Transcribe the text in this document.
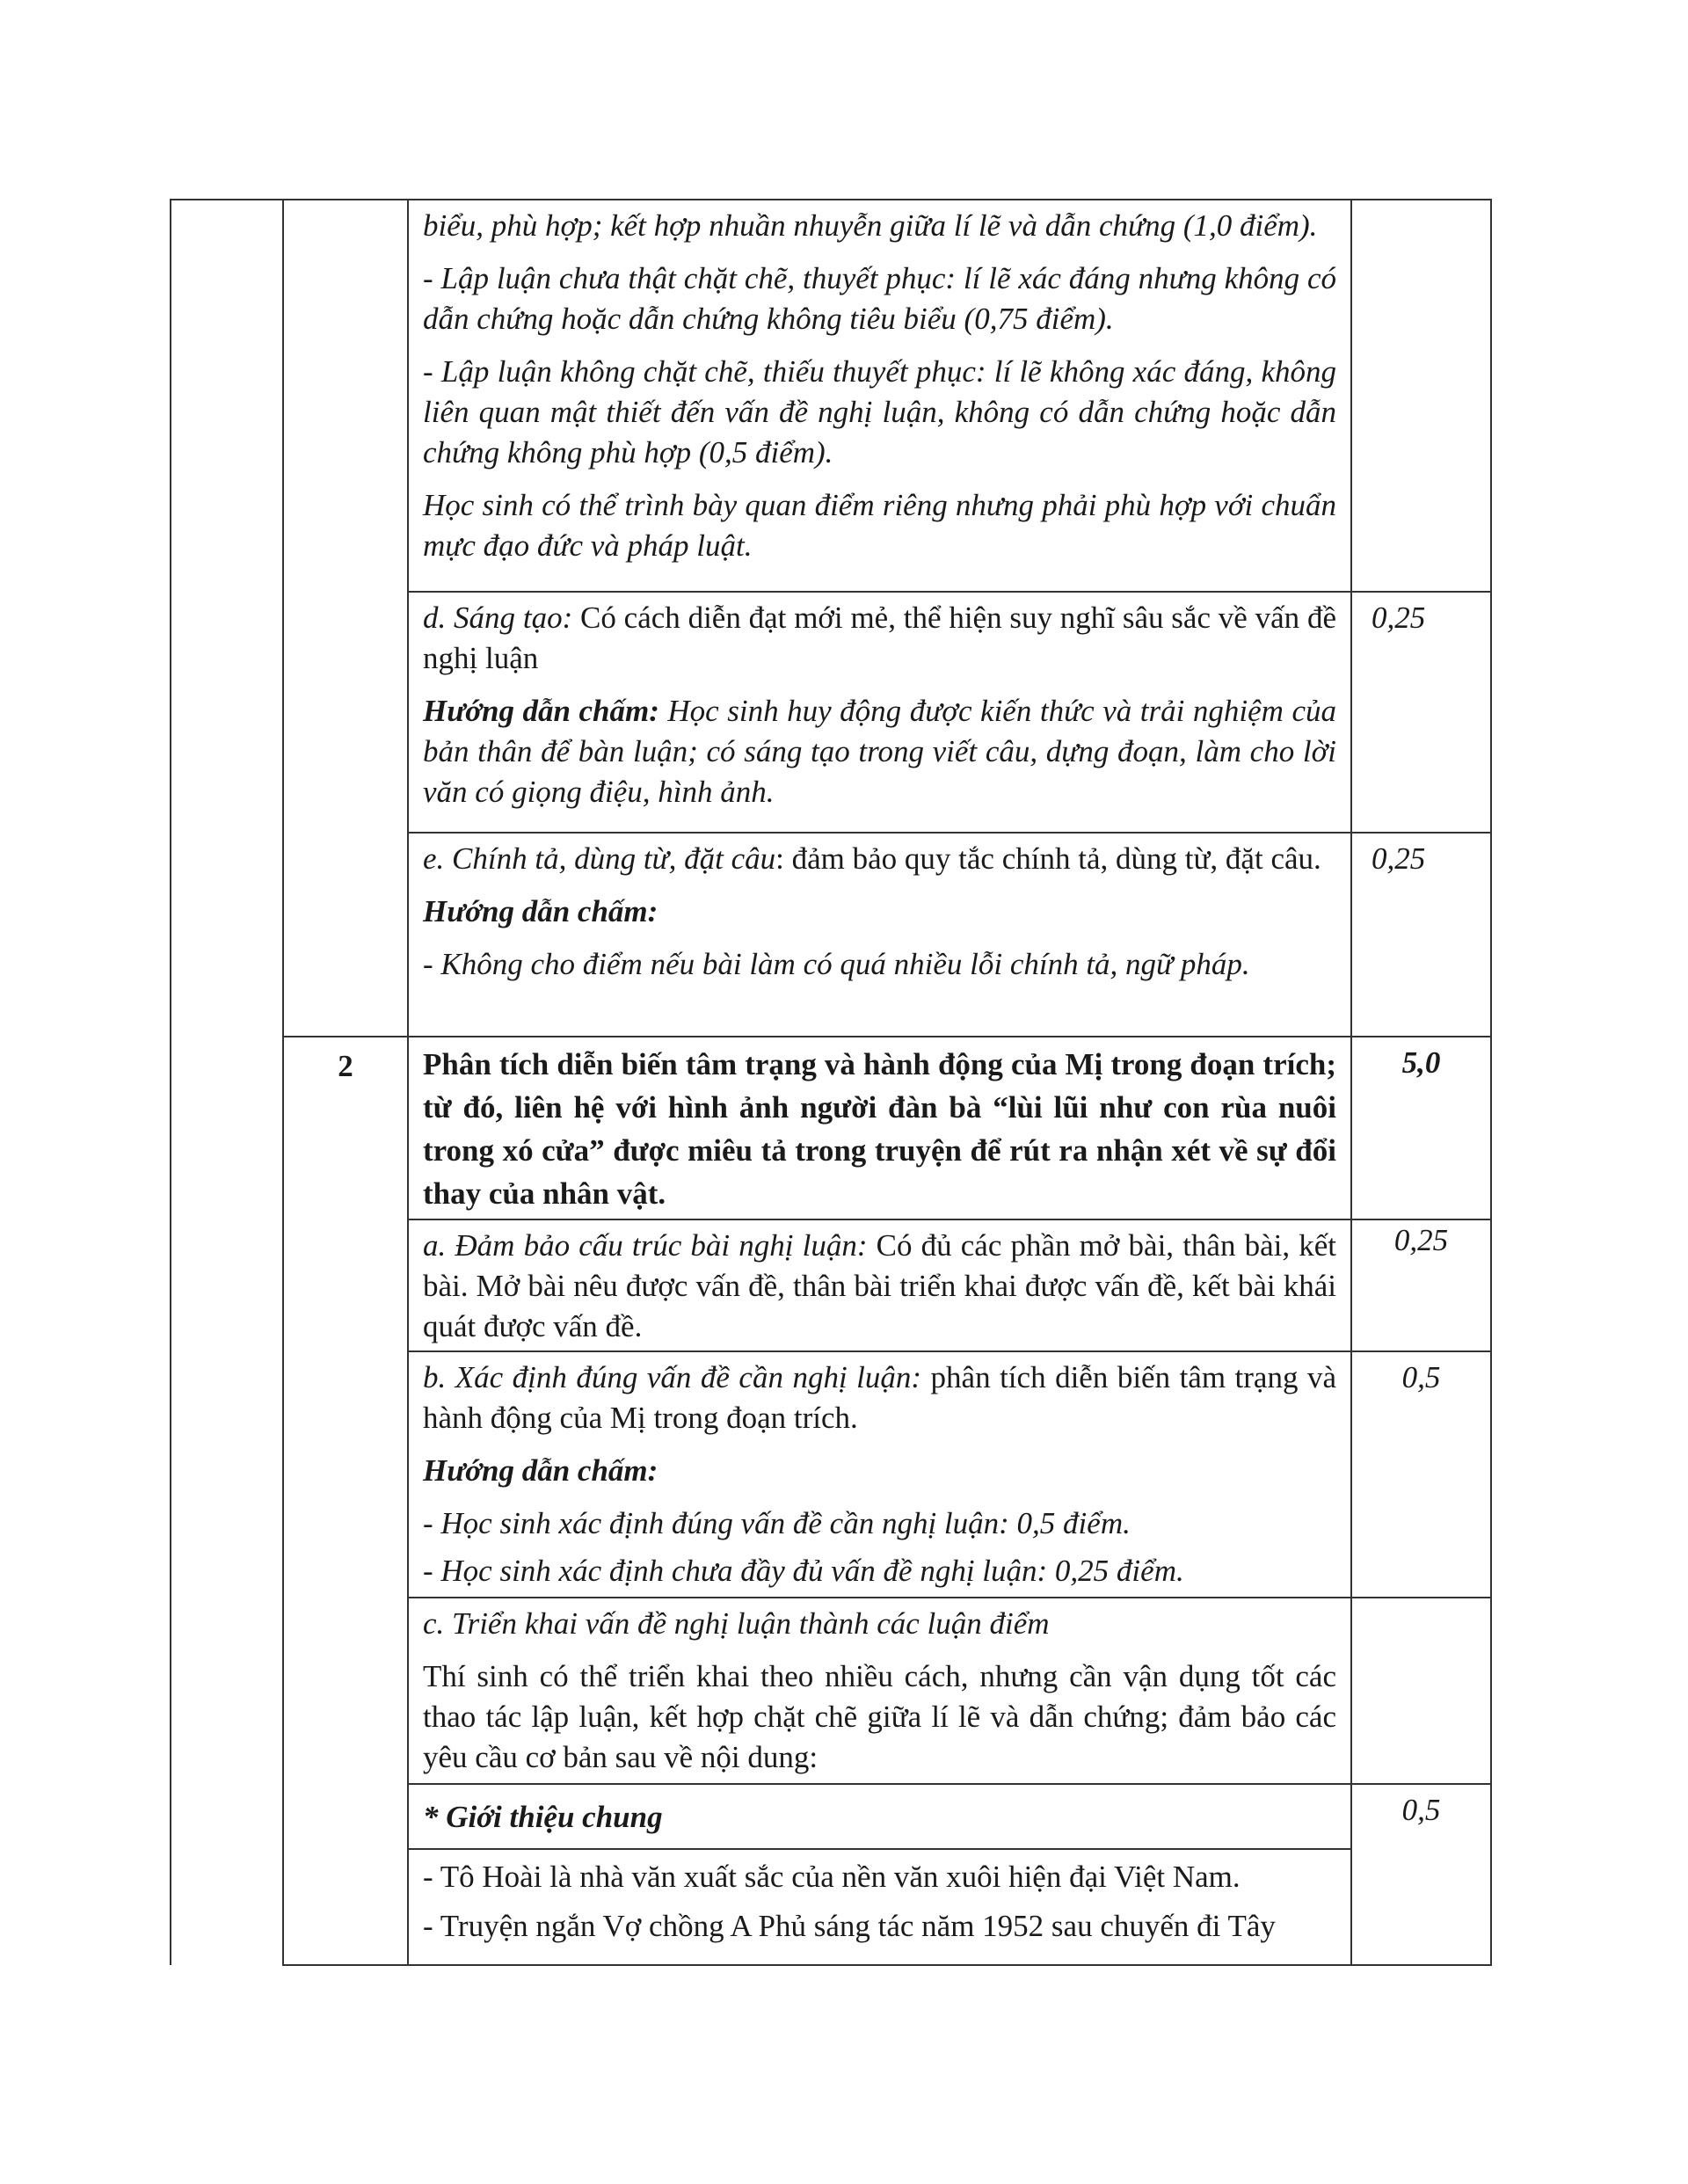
		biểu, phù hợp; kết hợp nhuần nhuyễn giữa lí lẽ và dẫn chứng (1,0 điểm).

- Lập luận chưa thật chặt chẽ, thuyết phục: lí lẽ xác đáng nhưng không có dẫn chứng hoặc dẫn chứng không tiêu biểu (0,75 điểm).

- Lập luận không chặt chẽ, thiếu thuyết phục: lí lẽ không xác đáng, không liên quan mật thiết đến vấn đề nghị luận, không có dẫn chứng hoặc dẫn chứng không phù hợp (0,5 điểm).

Học sinh có thể trình bày quan điểm riêng nhưng phải phù hợp với chuẩn mực đạo đức và pháp luật.	

		d. Sáng tạo: Có cách diễn đạt mới mẻ, thể hiện suy nghĩ sâu sắc về vấn đề nghị luận

Hướng dẫn chấm: Học sinh huy động được kiến thức và trải nghiệm của bản thân để bàn luận; có sáng tạo trong viết câu, dựng đoạn, làm cho lời văn có giọng điệu, hình ảnh.	0,25

		e. Chính tả, dùng từ, đặt câu: đảm bảo quy tắc chính tả, dùng từ, đặt câu.

Hướng dẫn chấm:

- Không cho điểm nếu bài làm có quá nhiều lỗi chính tả, ngữ pháp.	0,25
	2	Phân tích diễn biến tâm trạng và hành động của Mị trong đoạn trích; từ đó, liên hệ với hình ảnh người đàn bà “lùi lũi như con rùa nuôi trong xó cửa” được miêu tả trong truyện để rút ra nhận xét về sự đổi thay của nhân vật.	5,0

		a. Đảm bảo cấu trúc bài nghị luận: Có đủ các phần mở bài, thân bài, kết bài. Mở bài nêu được vấn đề, thân bài triển khai được vấn đề, kết bài khái quát được vấn đề.	0,25

		b. Xác định đúng vấn đề cần nghị luận: phân tích diễn biến tâm trạng và hành động của Mị trong đoạn trích.

Hướng dẫn chấm:

- Học sinh xác định đúng vấn đề cần nghị luận: 0,5 điểm.

- Học sinh xác định chưa đầy đủ vấn đề nghị luận: 0,25 điểm.	0,5

		c. Triển khai vấn đề nghị luận thành các luận điểm

Thí sinh có thể triển khai theo nhiều cách, nhưng cần vận dụng tốt các thao tác lập luận, kết hợp chặt chẽ giữa lí lẽ và dẫn chứng; đảm bảo các yêu cầu cơ bản sau về nội dung:	

		* Giới thiệu chung	0,5

		- Tô Hoài là nhà văn xuất sắc của nền văn xuôi hiện đại Việt Nam.

- Truyện ngắn Vợ chồng A Phủ sáng tác năm 1952 sau chuyến đi Tây	
